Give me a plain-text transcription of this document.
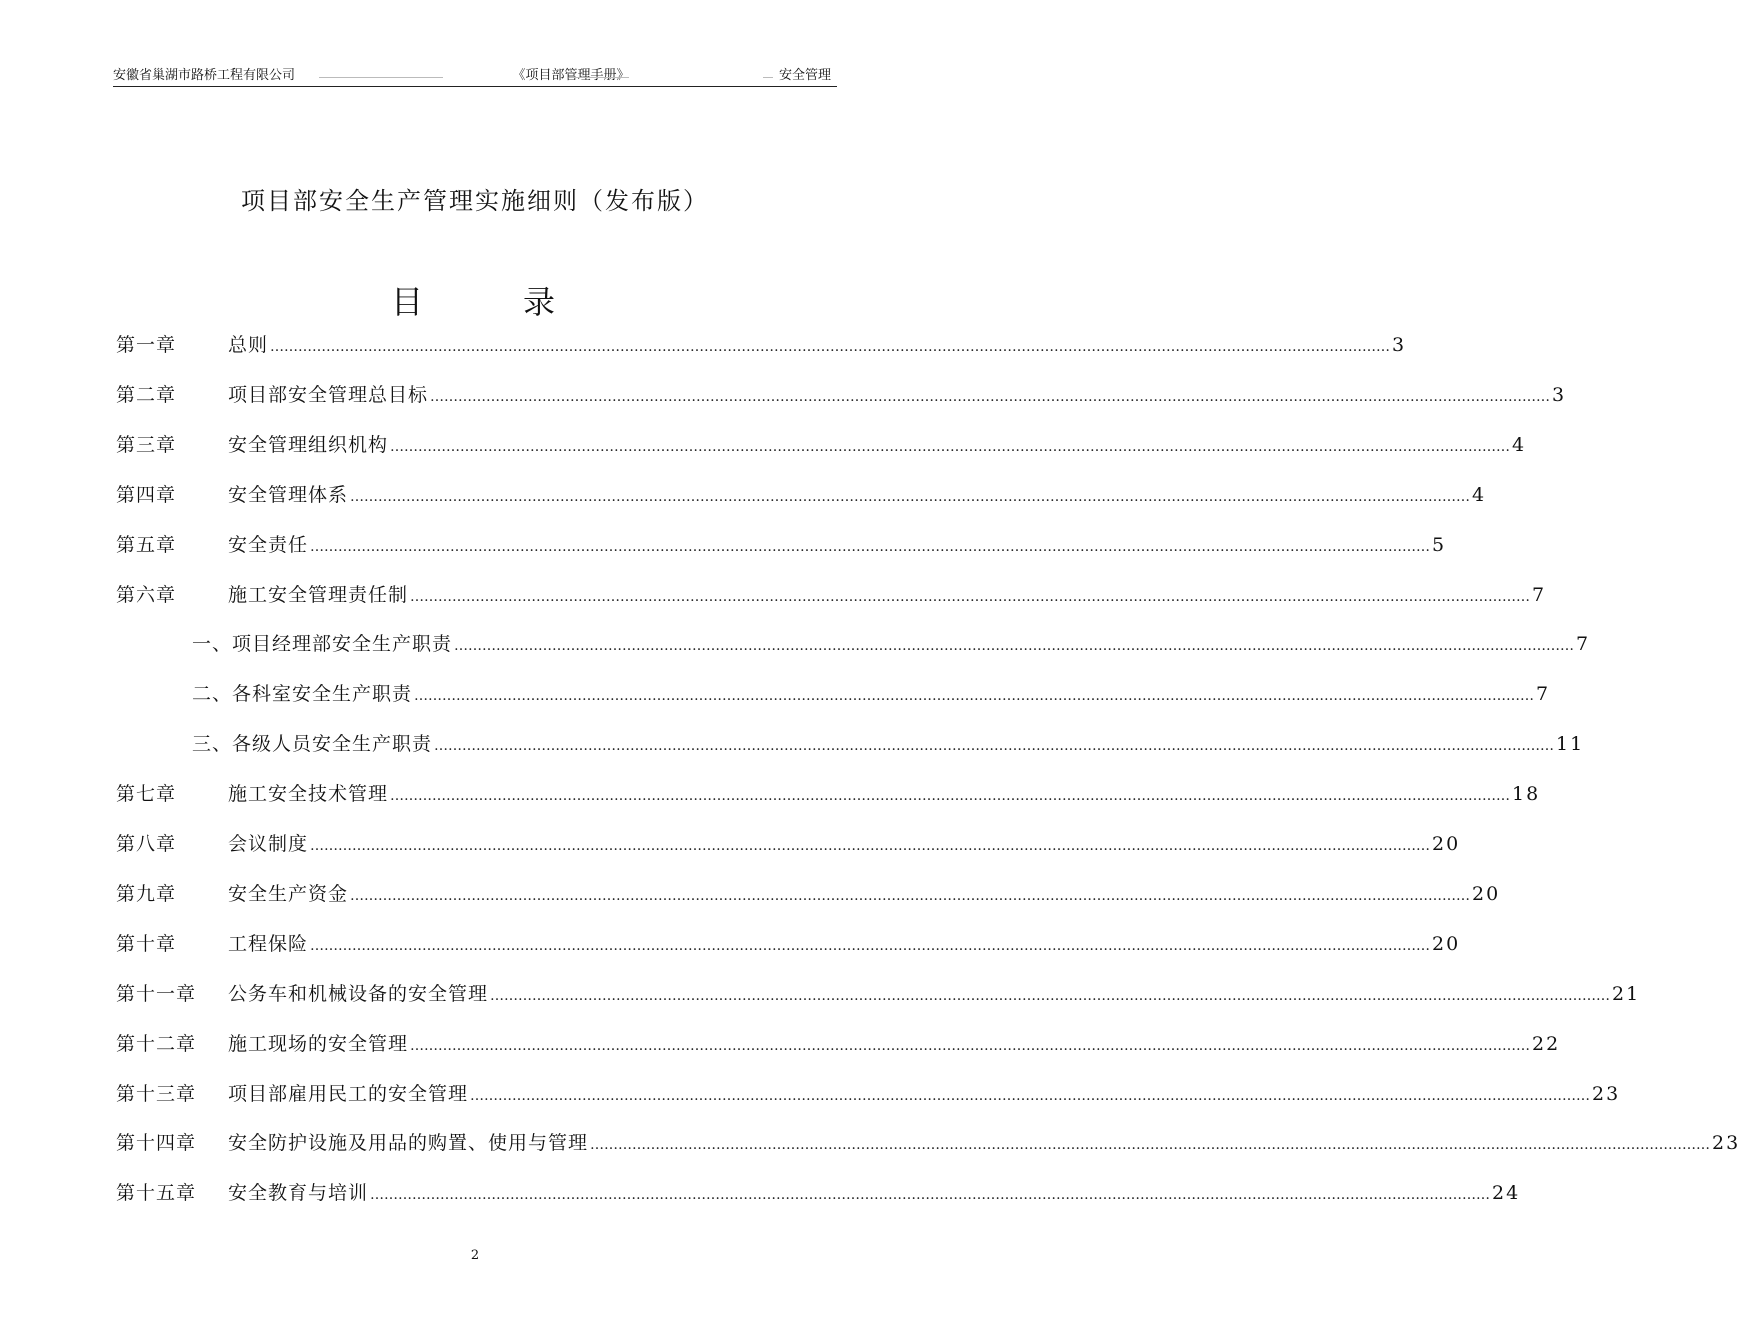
安徽省巢湖市路桥工程有限公司	《项目部管理手册》	安全管理
项目部安全生产管理实施细则（发布版）
目	录
第一章	总则 …………………………………………………………………………………………………………………………………………………………………………………………………………………… 3
第二章	项目部安全管理总目标 …………………………………………………………………………………………………………………………………………………………………………………………………………………… 3
第三章	安全管理组织机构 …………………………………………………………………………………………………………………………………………………………………………………………………………………… 4
第四章	安全管理体系 …………………………………………………………………………………………………………………………………………………………………………………………………………………… 4
第五章	安全责任 …………………………………………………………………………………………………………………………………………………………………………………………………………………… 5
第六章	施工安全管理责任制 …………………………………………………………………………………………………………………………………………………………………………………………………………………… 7
一、项目经理部安全生产职责 …………………………………………………………………………………………………………………………………………………………………………………………………………………… 7
二、各科室安全生产职责 …………………………………………………………………………………………………………………………………………………………………………………………………………………… 7
三、各级人员安全生产职责 …………………………………………………………………………………………………………………………………………………………………………………………………………………… 11
第七章	施工安全技术管理 …………………………………………………………………………………………………………………………………………………………………………………………………………………… 18
第八章	会议制度 …………………………………………………………………………………………………………………………………………………………………………………………………………………… 20
第九章	安全生产资金 …………………………………………………………………………………………………………………………………………………………………………………………………………………… 20
第十章	工程保险 …………………………………………………………………………………………………………………………………………………………………………………………………………………… 20
第十一章	公务车和机械设备的安全管理 …………………………………………………………………………………………………………………………………………………………………………………………………………………… 21
第十二章	施工现场的安全管理 …………………………………………………………………………………………………………………………………………………………………………………………………………………… 22
第十三章	项目部雇用民工的安全管理 …………………………………………………………………………………………………………………………………………………………………………………………………………………… 23
第十四章	安全防护设施及用品的购置、使用与管理 …………………………………………………………………………………………………………………………………………………………………………………………………………………… 23
第十五章	安全教育与培训 …………………………………………………………………………………………………………………………………………………………………………………………………………………… 24
2
